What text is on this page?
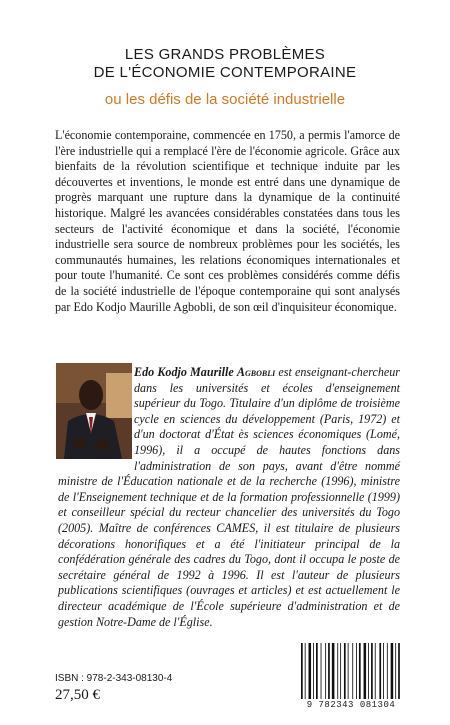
LES GRANDS PROBLÈMES
DE L'ÉCONOMIE CONTEMPORAINE
ou les défis de la société industrielle

L'économie contemporaine, commencée en 1750, a permis l'amorce de l'ère industrielle qui a remplacé l'ère de l'économie agricole. Grâce aux bienfaits de la révolution scientifique et technique induite par les découvertes et inventions, le monde est entré dans une dynamique de progrès marquant une rupture dans la dynamique de la continuité historique. Malgré les avancées considérables constatées dans tous les secteurs de l'activité économique et dans la société, l'économie industrielle sera source de nombreux problèmes pour les sociétés, les communautés humaines, les relations économiques internationales et pour toute l'humanité. Ce sont ces problèmes considérés comme défis de la société industrielle de l'époque contemporaine qui sont analysés par Edo Kodjo Maurille Agbobli, de son œil d'inquisiteur économique.

Edo Kodjo Maurille Agbobli est enseignant-chercheur dans les universités et écoles d'enseignement supérieur du Togo. Titulaire d'un diplôme de troisième cycle en sciences du développement (Paris, 1972) et d'un doctorat d'État ès sciences économiques (Lomé, 1996), il a occupé de hautes fonctions dans l'administration de son pays, avant d'être nommé ministre de l'Éducation nationale et de la recherche (1996), ministre de l'Enseignement technique et de la formation professionnelle (1999) et conseilleur spécial du recteur chancelier des universités du Togo (2005). Maître de conférences CAMES, il est titulaire de plusieurs décorations honorifiques et a été l'initiateur principal de la confédération générale des cadres du Togo, dont il occupa le poste de secrétaire général de 1992 à 1996. Il est l'auteur de plusieurs publications scientifiques (ouvrages et articles) et est actuellement le directeur académique de l'École supérieure d'administration et de gestion Notre-Dame de l'Église.

ISBN : 978-2-343-08130-4
27,50 €
9 782343 081304
